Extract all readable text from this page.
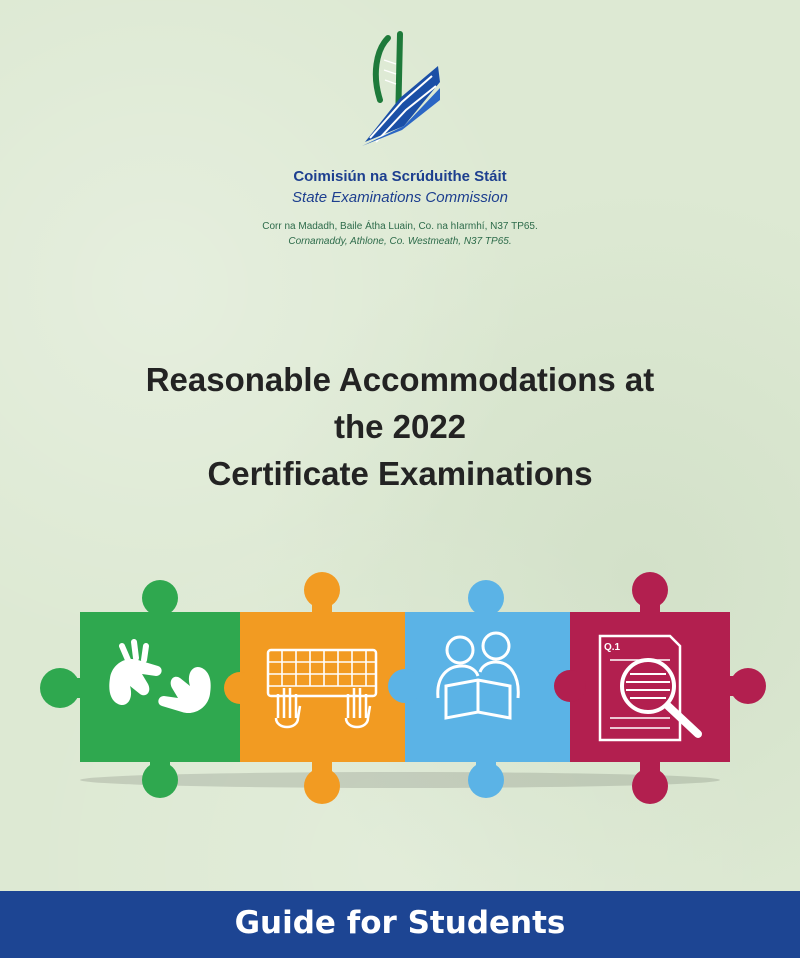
Coimisiún na Scrúduithe Stáit
State Examinations Commission
Corr na Madadh, Baile Átha Luain, Co. na hIarmhí, N37 TP65.
Cornamaddy, Athlone, Co. Westmeath, N37 TP65.
Reasonable Accommodations at
the 2022
Certificate Examinations
Q.1
Guide for Students
